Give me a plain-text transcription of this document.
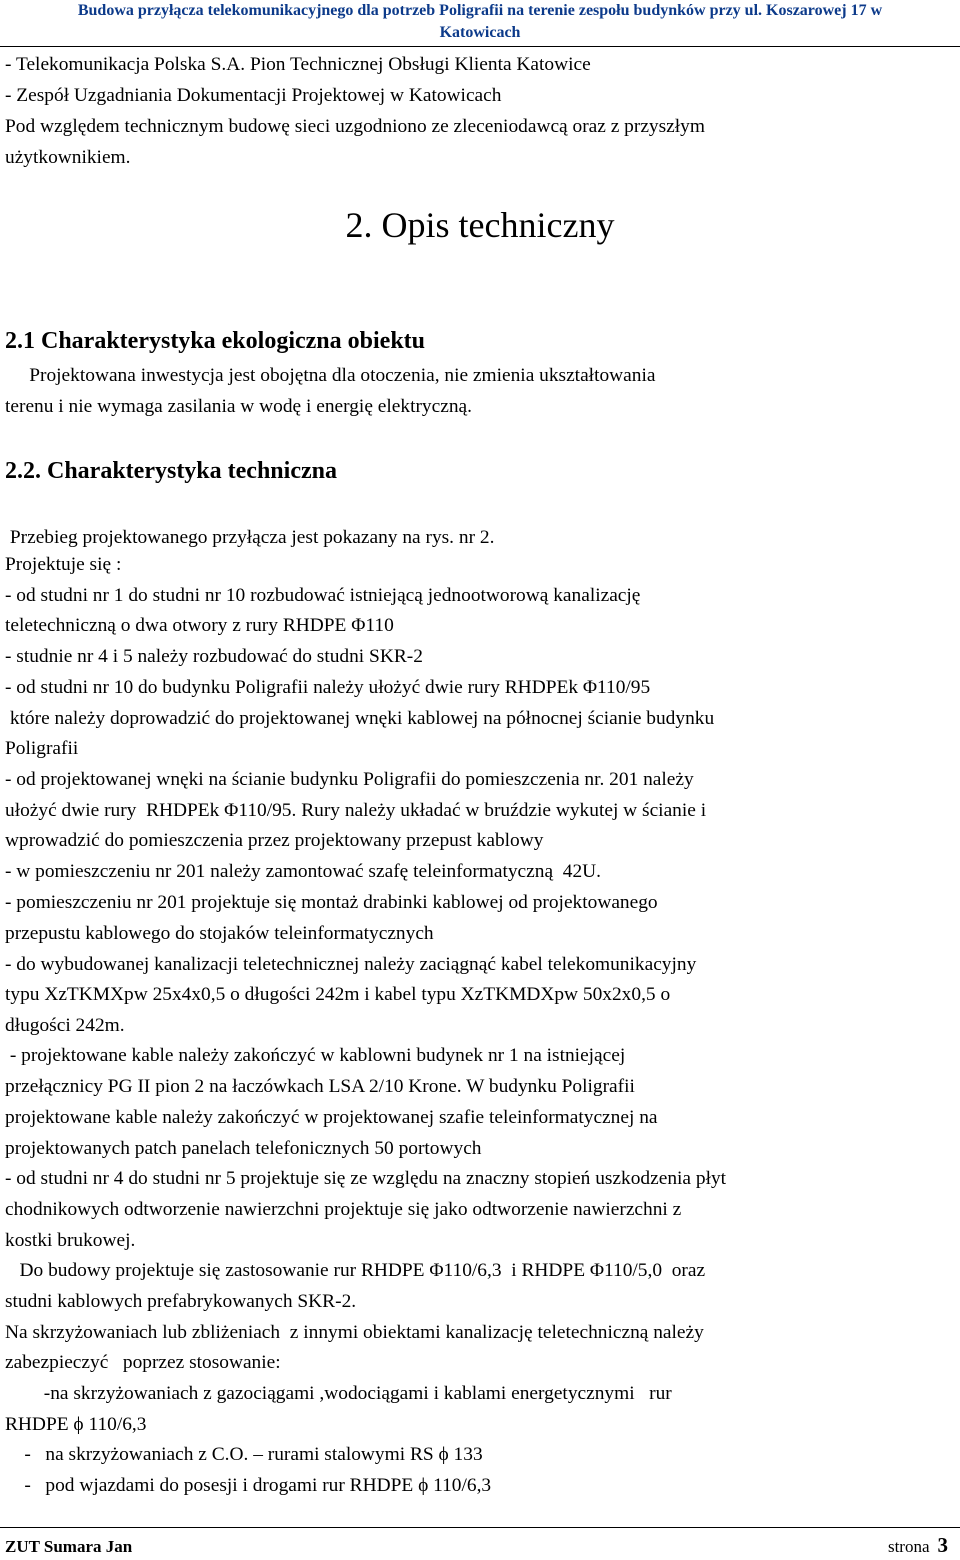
Budowa przyłącza telekomunikacyjnego dla potrzeb Poligrafii na terenie zespołu budynków przy ul. Koszarowej 17 w
Katowicach
- Telekomunikacja Polska S.A. Pion Technicznej Obsługi Klienta Katowice
- Zespół Uzgadniania Dokumentacji Projektowej w Katowicach
Pod względem technicznym budowę sieci uzgodniono ze zleceniodawcą oraz z przyszłym
użytkownikiem.
2. Opis techniczny
2.1 Charakterystyka ekologiczna obiektu
Projektowana inwestycja jest obojętna dla otoczenia, nie zmienia ukształtowania
terenu i nie wymaga zasilania w wodę i energię elektryczną.
2.2. Charakterystyka techniczna
Przebieg projektowanego przyłącza jest pokazany na rys. nr 2.
Projektuje się :
- od studni nr 1 do studni nr 10 rozbudować istniejącą jednootworową kanalizację
teletechniczną o dwa otwory z rury RHDPE Φ110
- studnie nr 4 i 5 należy rozbudować do studni SKR-2
- od studni nr 10 do budynku Poligrafii należy ułożyć dwie rury RHDPEk Φ110/95
które należy doprowadzić do projektowanej wnęki kablowej na północnej ścianie budynku
Poligrafii
- od projektowanej wnęki na ścianie budynku Poligrafii do pomieszczenia nr. 201 należy
ułożyć dwie rury  RHDPEk Φ110/95. Rury należy układać w bruździe wykutej w ścianie i
wprowadzić do pomieszczenia przez projektowany przepust kablowy
- w pomieszczeniu nr 201 należy zamontować szafę teleinformatyczną  42U.
- pomieszczeniu nr 201 projektuje się montaż drabinki kablowej od projektowanego
przepustu kablowego do stojaków teleinformatycznych
- do wybudowanej kanalizacji teletechnicznej należy zaciągnąć kabel telekomunikacyjny
typu XzTKMXpw 25x4x0,5 o długości 242m i kabel typu XzTKMDXpw 50x2x0,5 o
długości 242m.
- projektowane kable należy zakończyć w kablowni budynek nr 1 na istniejącej
przełącznicy PG II pion 2 na łaczówkach LSA 2/10 Krone. W budynku Poligrafii
projektowane kable należy zakończyć w projektowanej szafie teleinformatycznej na
projektowanych patch panelach telefonicznych 50 portowych
- od studni nr 4 do studni nr 5 projektuje się ze względu na znaczny stopień uszkodzenia płyt
chodnikowych odtworzenie nawierzchni projektuje się jako odtworzenie nawierzchni z
kostki brukowej.
Do budowy projektuje się zastosowanie rur RHDPE Φ110/6,3  i RHDPE Φ110/5,0  oraz
studni kablowych prefabrykowanych SKR-2.
Na skrzyżowaniach lub zbliżeniach  z innymi obiektami kanalizację teletechniczną należy
zabezpieczyć   poprzez stosowanie:
-na skrzyżowaniach z gazociągami ,wodociągami i kablami energetycznymi   rur
RHDPE ϕ 110/6,3
-   na skrzyżowaniach z C.O. – rurami stalowymi RS ϕ 133
-   pod wjazdami do posesji i drogami rur RHDPE ϕ 110/6,3
ZUT Sumara Jan	strona 3
